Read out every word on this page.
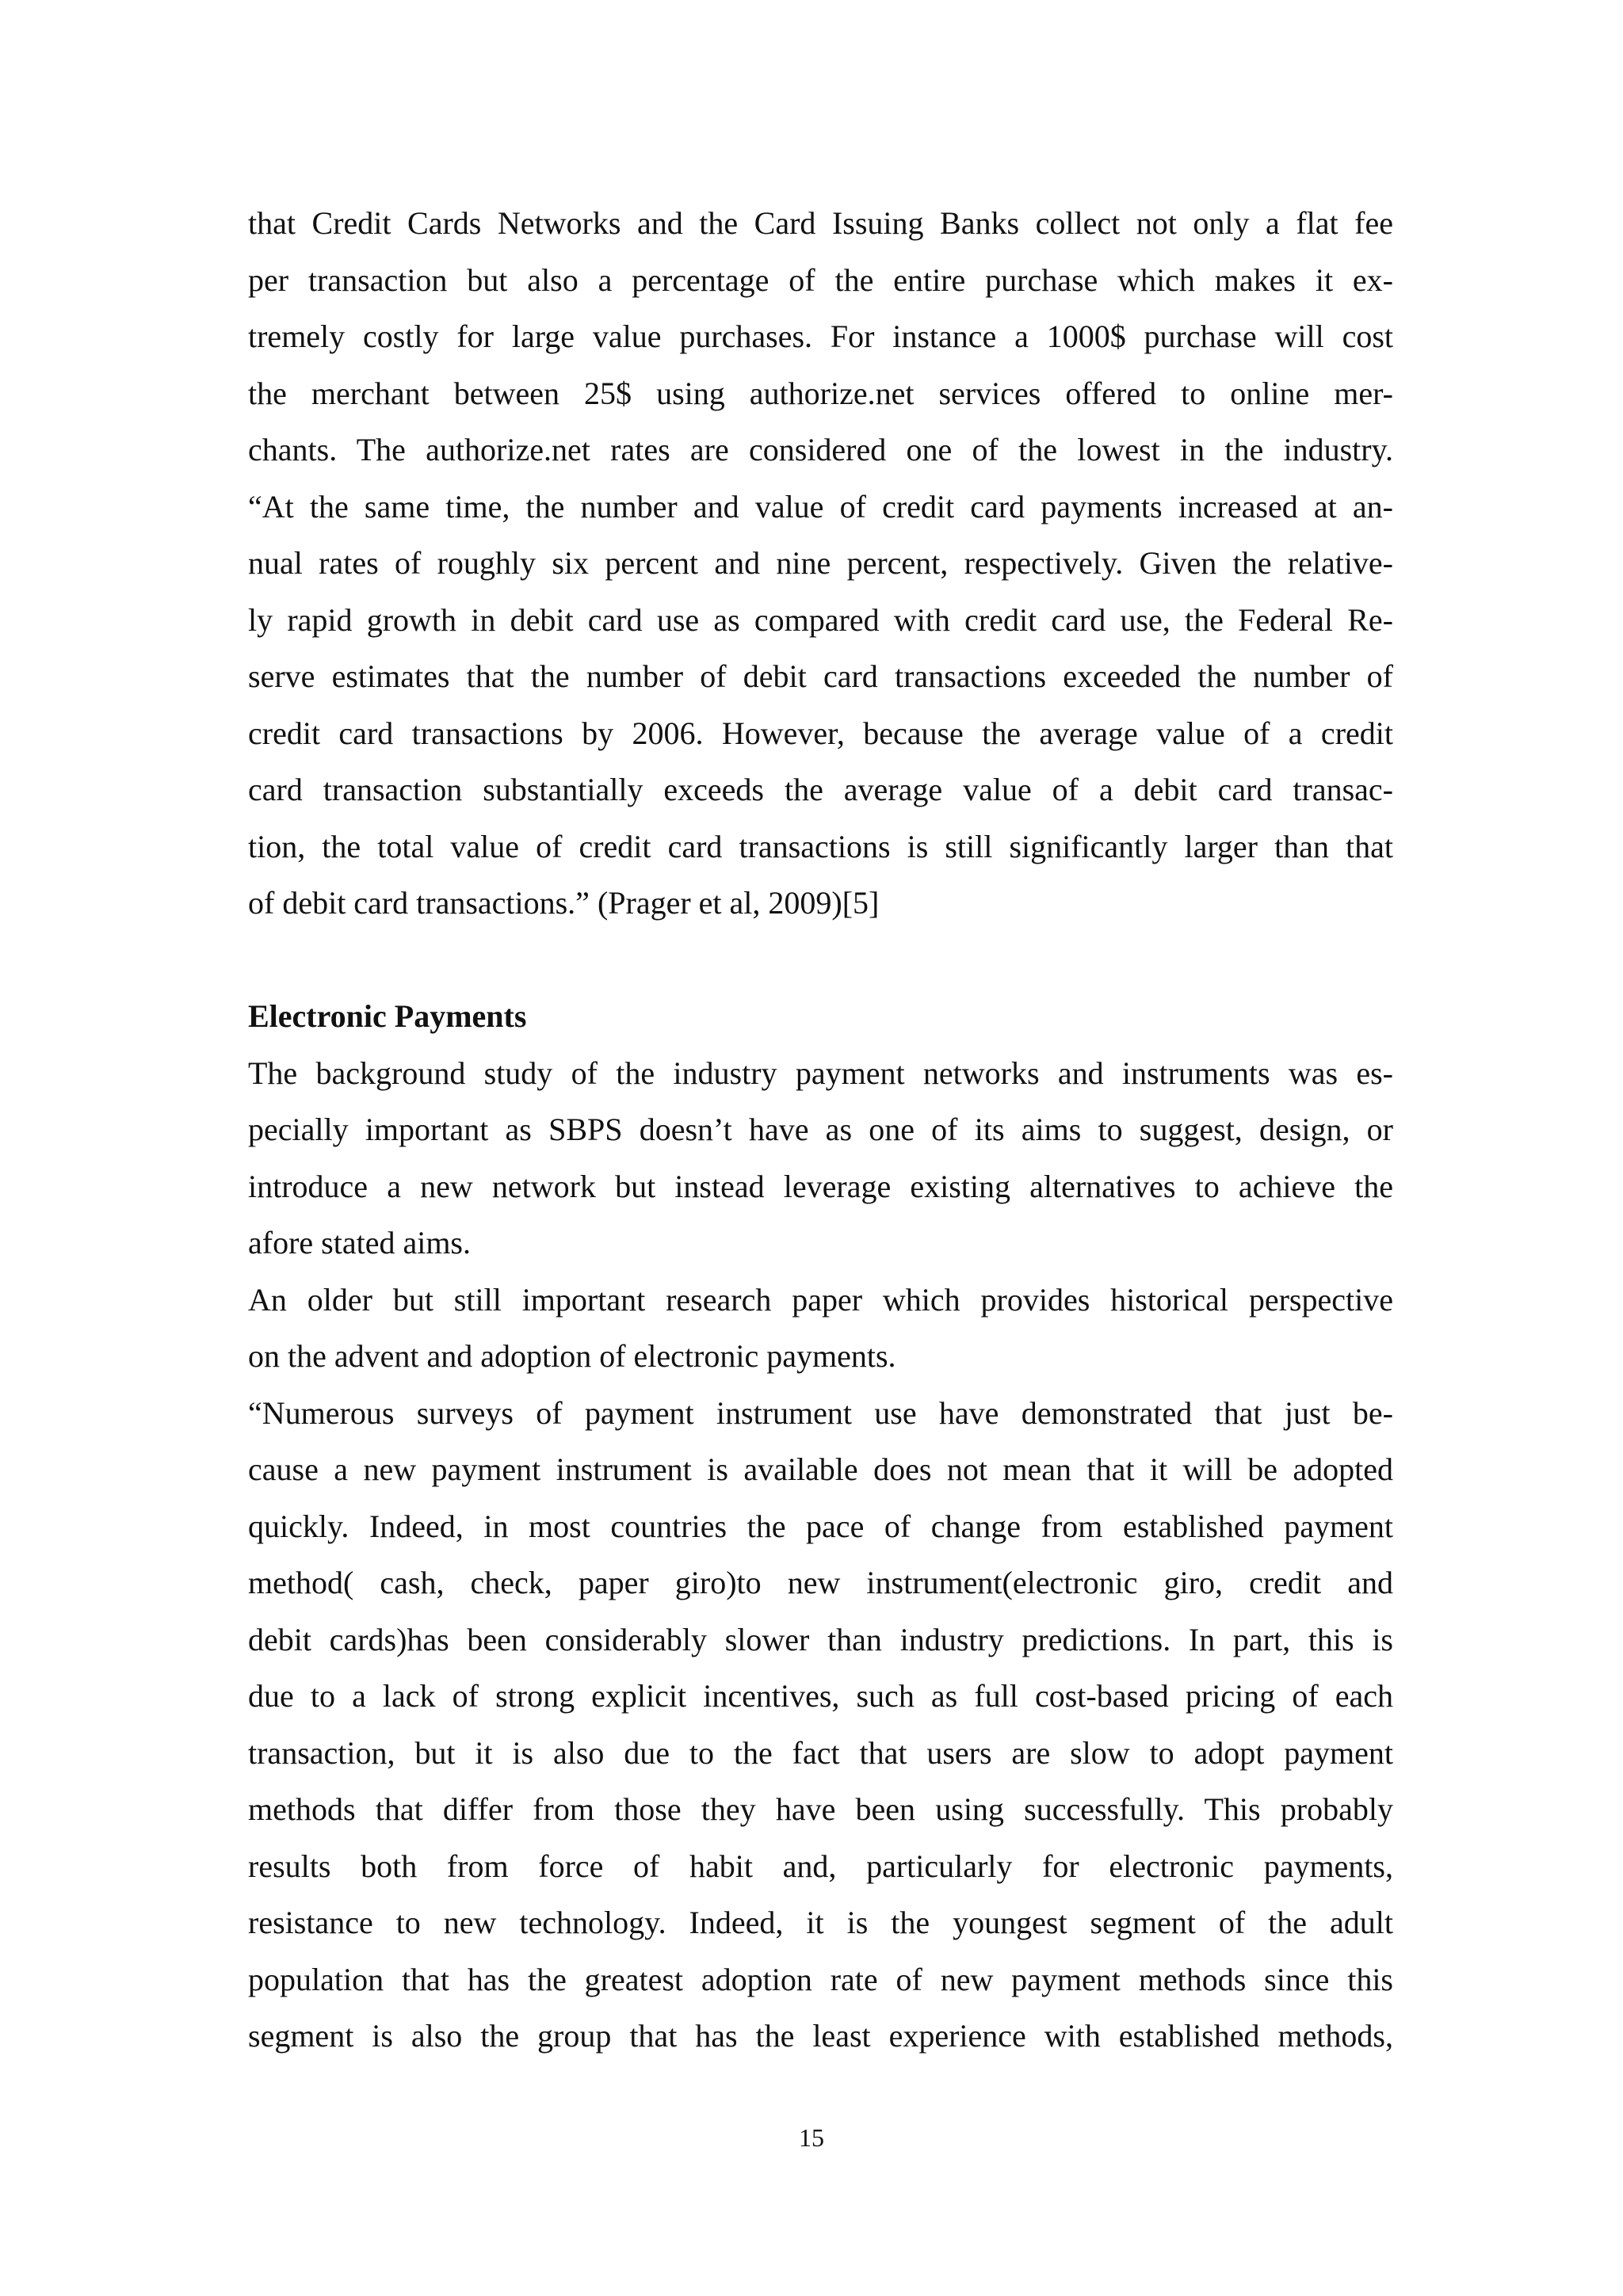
that Credit Cards Networks and the Card Issuing Banks collect not only a flat fee
per transaction but also a percentage of the entire purchase which makes it ex-
tremely costly for large value purchases. For instance a 1000$ purchase will cost
the merchant between 25$ using authorize.net services offered to online mer-
chants. The authorize.net rates are considered one of the lowest in the industry.
“At the same time, the number and value of credit card payments increased at an-
nual rates of roughly six percent and nine percent, respectively. Given the relative-
ly rapid growth in debit card use as compared with credit card use, the Federal Re-
serve estimates that the number of debit card transactions exceeded the number of
credit card transactions by 2006. However, because the average value of a credit
card transaction substantially exceeds the average value of a debit card transac-
tion, the total value of credit card transactions is still significantly larger than that
of debit card transactions.” (Prager et al, 2009)[5]
Electronic Payments
The background study of the industry payment networks and instruments was es-
pecially important as SBPS doesn’t have as one of its aims to suggest, design, or
introduce a new network but instead leverage existing alternatives to achieve the
afore stated aims.
An older but still important research paper which provides historical perspective
on the advent and adoption of electronic payments.
“Numerous surveys of payment instrument use have demonstrated that just be-
cause a new payment instrument is available does not mean that it will be adopted
quickly. Indeed, in most countries the pace of change from established payment
method( cash, check, paper giro)to new instrument(electronic giro, credit and
debit cards)has been considerably slower than industry predictions. In part, this is
due to a lack of strong explicit incentives, such as full cost-based pricing of each
transaction, but it is also due to the fact that users are slow to adopt payment
methods that differ from those they have been using successfully. This probably
results both from force of habit and, particularly for electronic payments,
resistance to new technology. Indeed, it is the youngest segment of the adult
population that has the greatest adoption rate of new payment methods since this
segment is also the group that has the least experience with established methods,
15
